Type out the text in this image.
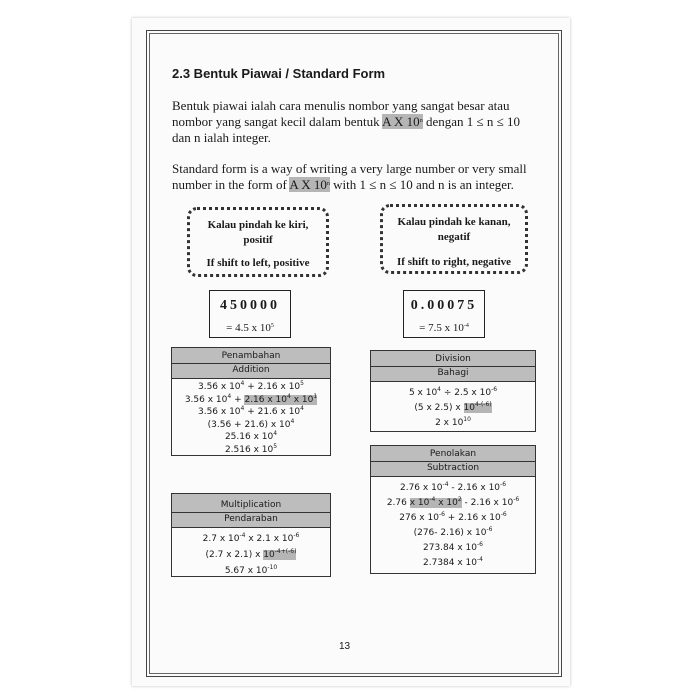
2.3 Bentuk Piawai / Standard Form
Bentuk piawai ialah cara menulis nombor yang sangat besar atau
nombor yang sangat kecil dalam bentuk A X 10$^n$ dengan 1 ≤ n ≤ 10
dan n ialah integer.
Standard form is a way of writing a very large number or very small
number in the form of A X 10$^n$ with 1 ≤ n ≤ 10 and n is an integer.
Kalau pindah ke kiri,
positif
If shift to left, positive
Kalau pindah ke kanan,
negatif
If shift to right, negative
450000
= 4.5 x $10^5$
0.00075
= 7.5 x $10^{-4}$
Penambahan
Addition
3.56 x $10^4 + 2.16$ x $10^5$
3.56 x $10^4 + 2.16$ x $10^4$ x $10^1$
3.56 x $10^4 + 21.6$ x $10^4$
(3.56 + 21.6) x $10^4$
25.16 x $10^4$
2.516 x $10^5$
Division
Bahagi
5 x $10^4 \div 2.5$ x $10^{-6}$
(5 x 2.5) x $10^{4-(-6)}$
2 x $10^{10}$
Penolakan
Subtraction
2.76 x $10^{-4} - 2.16$ x $10^{-6}$
2.76 x $10^{-4}$ x $10^2 - 2.16$ x $10^{-6}$
276 x $10^{-6} + 2.16$ x $10^{-6}$
(276- 2.16) x $10^{-6}$
273.84 x $10^{-6}$
2.7384 x $10^{-4}$
Multiplication
Pendaraban
2.7 x $10^{-4}$ x 2.1 x $10^{-6}$
(2.7 x 2.1) x $10^{-4+(-6)}$
5.67 x $10^{-10}$
13
